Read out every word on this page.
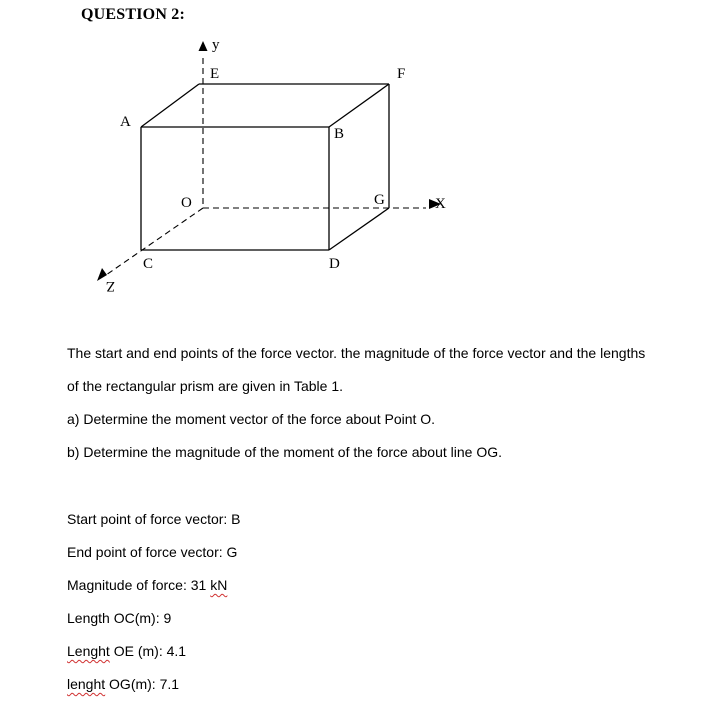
QUESTION 2:
y
E	F
A
B
O	G	X
C	D
Z
The start and end points of the force vector. the magnitude of the force vector and the lengths
of the rectangular prism are given in Table 1.
a) Determine the moment vector of the force about Point O.
b) Determine the magnitude of the moment of the force about line OG.
Start point of force vector: B
End point of force vector: G
Magnitude of force: 31 kN
Length OC(m): 9
Lenght OE (m): 4.1
lenght OG(m): 7.1
